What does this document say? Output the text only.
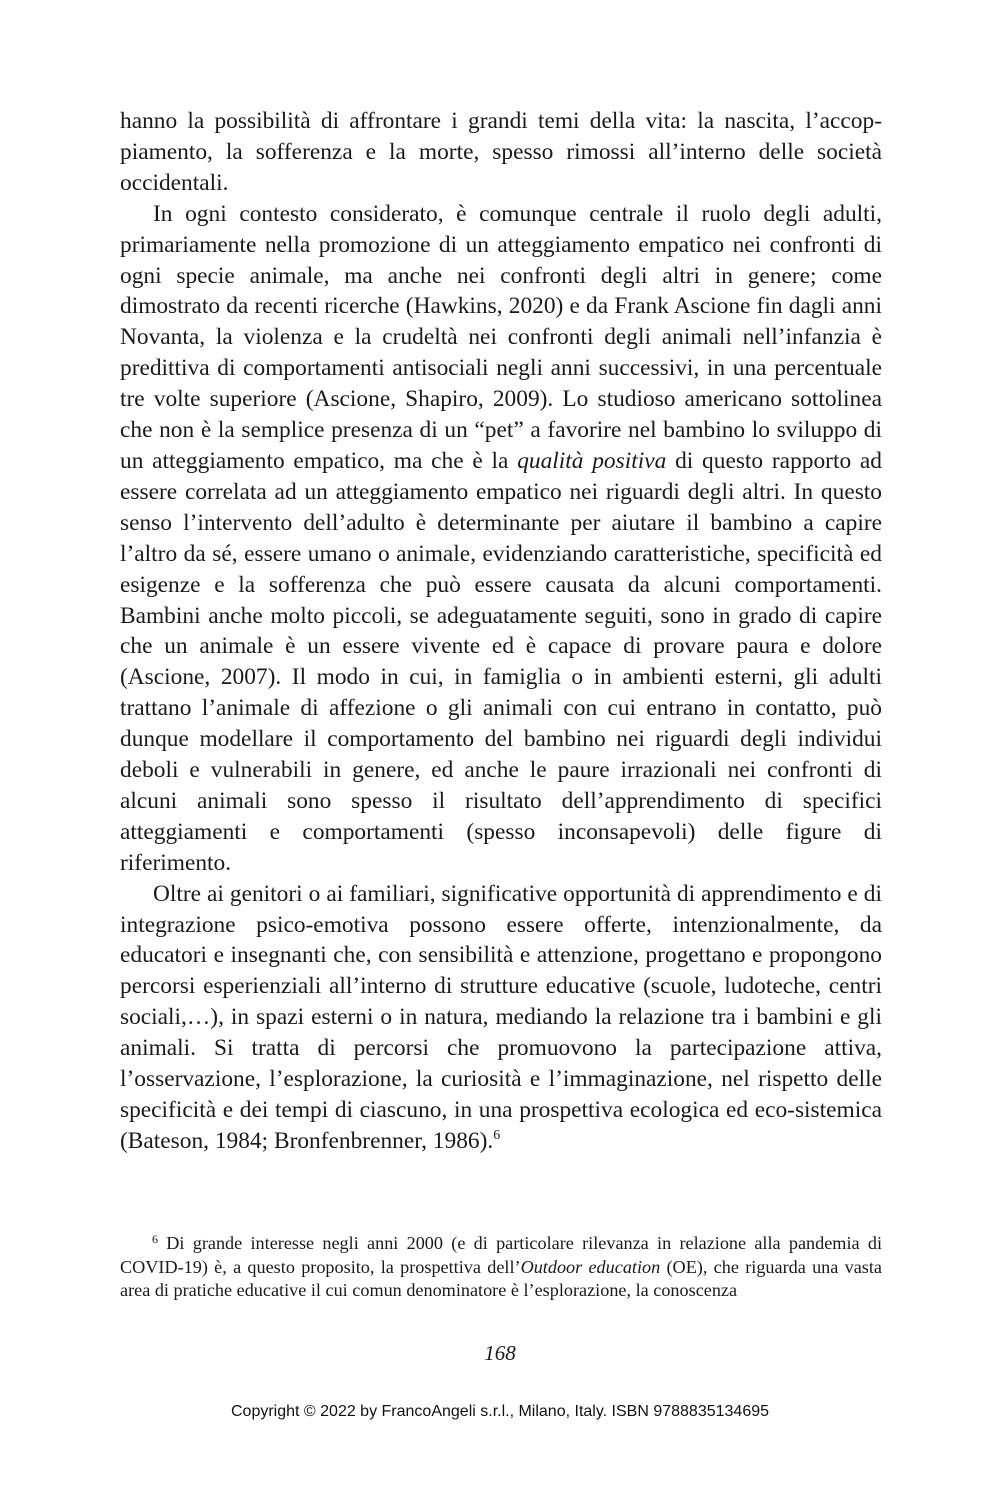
hanno la possibilità di affrontare i grandi temi della vita: la nascita, l’accoppiamento, la sofferenza e la morte, spesso rimossi all’interno delle società occidentali.

In ogni contesto considerato, è comunque centrale il ruolo degli adulti, primariamente nella promozione di un atteggiamento empatico nei confronti di ogni specie animale, ma anche nei confronti degli altri in genere; come dimostrato da recenti ricerche (Hawkins, 2020) e da Frank Ascione fin dagli anni Novanta, la violenza e la crudeltà nei confronti degli animali nell’infanzia è predittiva di comportamenti antisociali negli anni successivi, in una percentuale tre volte superiore (Ascione, Shapiro, 2009). Lo studioso americano sottolinea che non è la semplice presenza di un “pet” a favorire nel bambino lo sviluppo di un atteggiamento empatico, ma che è la qualità positiva di questo rapporto ad essere correlata ad un atteggiamento empatico nei riguardi degli altri. In questo senso l’intervento dell’adulto è determinante per aiutare il bambino a capire l’altro da sé, essere umano o animale, evidenziando caratteristiche, specificità ed esigenze e la sofferenza che può essere causata da alcuni comportamenti. Bambini anche molto piccoli, se adeguatamente seguiti, sono in grado di capire che un animale è un essere vivente ed è capace di provare paura e dolore (Ascione, 2007). Il modo in cui, in famiglia o in ambienti esterni, gli adulti trattano l’animale di affezione o gli animali con cui entrano in contatto, può dunque modellare il comportamento del bambino nei riguardi degli individui deboli e vulnerabili in genere, ed anche le paure irrazionali nei confronti di alcuni animali sono spesso il risultato dell’apprendimento di specifici atteggiamenti e comportamenti (spesso inconsapevoli) delle figure di riferimento.

Oltre ai genitori o ai familiari, significative opportunità di apprendimento e di integrazione psico-emotiva possono essere offerte, intenzionalmente, da educatori e insegnanti che, con sensibilità e attenzione, progettano e propongono percorsi esperienziali all’interno di strutture educative (scuole, ludoteche, centri sociali,…), in spazi esterni o in natura, mediando la relazione tra i bambini e gli animali. Si tratta di percorsi che promuovono la partecipazione attiva, l’osservazione, l’esplorazione, la curiosità e l’immaginazione, nel rispetto delle specificità e dei tempi di ciascuno, in una prospettiva ecologica ed eco-sistemica (Bateson, 1984; Bronfenbrenner, 1986).$^6$

$^6$ Di grande interesse negli anni 2000 (e di particolare rilevanza in relazione alla pandemia di COVID-19) è, a questo proposito, la prospettiva dell’Outdoor education (OE), che riguarda una vasta area di pratiche educative il cui comun denominatore è l’esplorazione, la conoscenza

168
Copyright © 2022 by FrancoAngeli s.r.l., Milano, Italy. ISBN 9788835134695
